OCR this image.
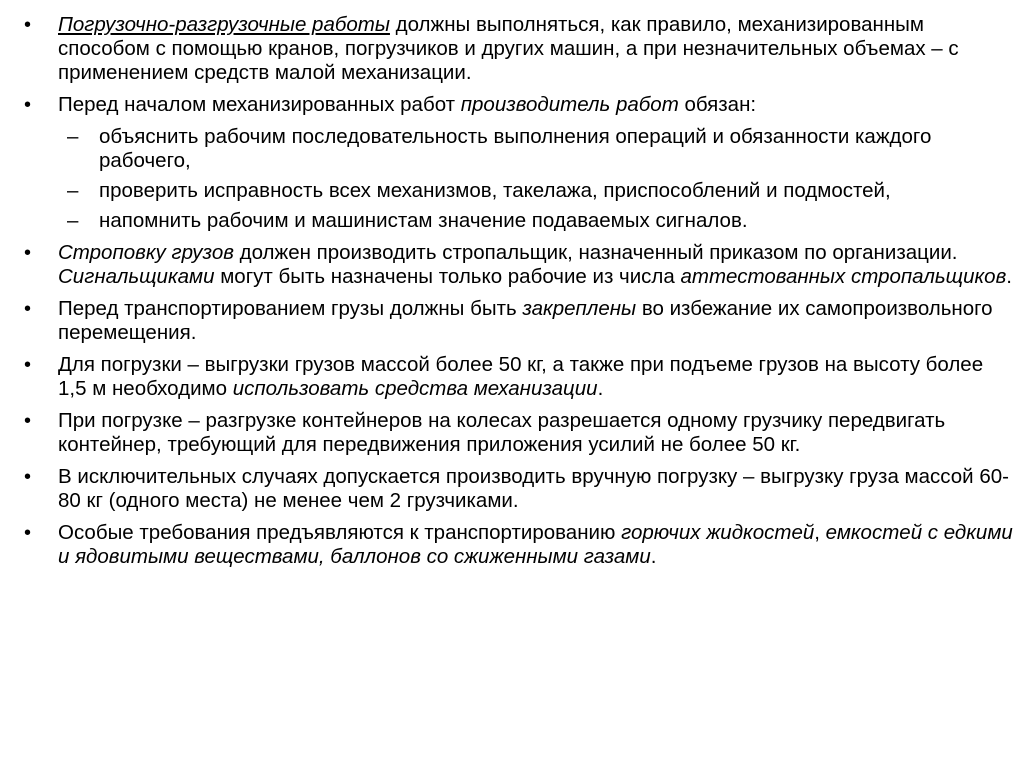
•	Погрузочно-разгрузочные работы должны выполняться, как правило, механизированным способом с помощью кранов, погрузчиков и других машин, а при незначительных объемах – с применением средств малой механизации.
•	Перед началом механизированных работ производитель работ обязан:
– объяснить рабочим последовательность выполнения операций и обязанности каждого рабочего,
– проверить исправность всех механизмов, такелажа, приспособлений и подмостей,
– напомнить рабочим и машинистам значение подаваемых сигналов.
•	Строповку грузов должен производить стропальщик, назначенный приказом по организации. Сигнальщиками могут быть назначены только рабочие из числа аттестованных стропальщиков.
•	Перед транспортированием грузы должны быть закреплены во избежание их самопроизвольного перемещения.
•	Для погрузки – выгрузки грузов массой более 50 кг, а также при подъеме грузов на высоту более 1,5 м необходимо использовать средства механизации.
•	При погрузке – разгрузке контейнеров на колесах разрешается одному грузчику передвигать контейнер, требующий для передвижения приложения усилий не более 50 кг.
•	В исключительных случаях допускается производить вручную погрузку – выгрузку груза массой 60-80 кг (одного места) не менее чем 2 грузчиками.
•	Особые требования предъявляются к транспортированию горючих жидкостей, емкостей с едкими и ядовитыми веществами, баллонов со сжиженными газами.
